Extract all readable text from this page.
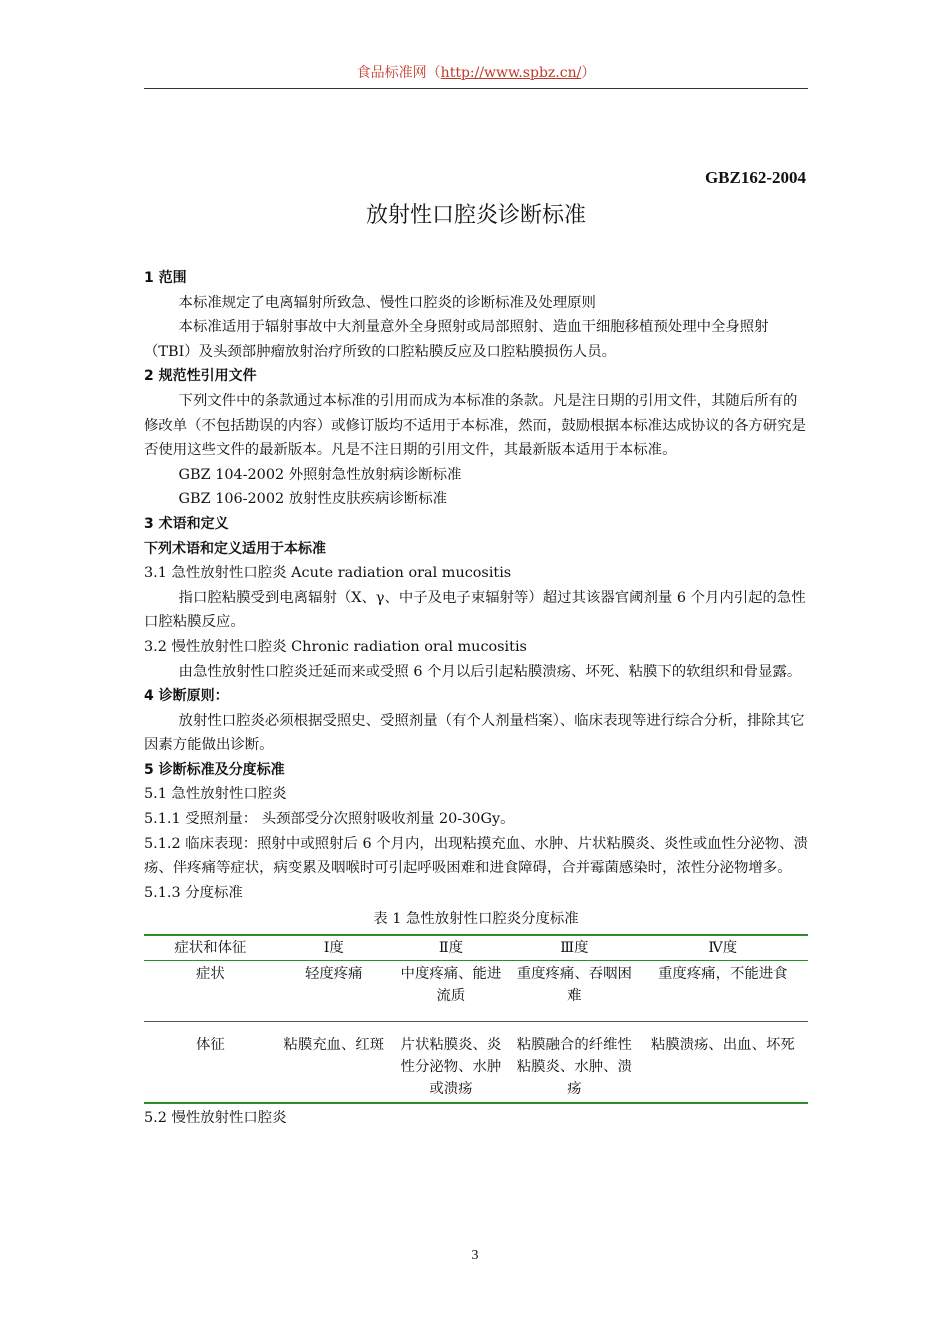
食品标准网（http://www.spbz.cn/）
GBZ162-2004
放射性口腔炎诊断标准

1 范围

本标准规定了电离辐射所致急、慢性口腔炎的诊断标准及处理原则

本标准适用于辐射事故中大剂量意外全身照射或局部照射、造血干细胞移植预处理中全身照射（TBI）及头颈部肿瘤放射治疗所致的口腔粘膜反应及口腔粘膜损伤人员。

2 规范性引用文件

下列文件中的条款通过本标准的引用而成为本标准的条款。凡是注日期的引用文件，其随后所有的修改单（不包括勘误的内容）或修订版均不适用于本标准，然而，鼓励根据本标准达成协议的各方研究是否使用这些文件的最新版本。凡是不注日期的引用文件，其最新版本适用于本标准。

GBZ 104-2002 外照射急性放射病诊断标准

GBZ 106-2002 放射性皮肤疾病诊断标准

3 术语和定义

下列术语和定义适用于本标准

3.1 急性放射性口腔炎 Acute radiation oral mucositis

指口腔粘膜受到电离辐射（X、γ、中子及电子束辐射等）超过其该器官阈剂量 6 个月内引起的急性口腔粘膜反应。

3.2 慢性放射性口腔炎 Chronic radiation oral mucositis

由急性放射性口腔炎迁延而来或受照 6 个月以后引起粘膜溃疡、坏死、粘膜下的软组织和骨显露。

4 诊断原则：

放射性口腔炎必须根据受照史、受照剂量（有个人剂量档案）、临床表现等进行综合分析，排除其它因素方能做出诊断。

5 诊断标准及分度标准

5.1 急性放射性口腔炎

5.1.1 受照剂量： 头颈部受分次照射吸收剂量 20-30Gy。

5.1.2 临床表现：照射中或照射后 6 个月内，出现粘摸充血、水肿、片状粘膜炎、炎性或血性分泌物、溃疡、伴疼痛等症状，病变累及咽喉时可引起呼吸困难和进食障碍，合并霉菌感染时，浓性分泌物增多。

5.1.3 分度标准

表 1 急性放射性口腔炎分度标准

症状和体征	Ⅰ度	Ⅱ度	Ⅲ度	Ⅳ度
症状	轻度疼痛	中度疼痛、能进流质	重度疼痛、吞咽困难	重度疼痛，不能进食
体征	粘膜充血、红斑	片状粘膜炎、炎性分泌物、水肿或溃疡	粘膜融合的纤维性粘膜炎、水肿、溃疡	粘膜溃疡、出血、坏死

5.2 慢性放射性口腔炎

3
